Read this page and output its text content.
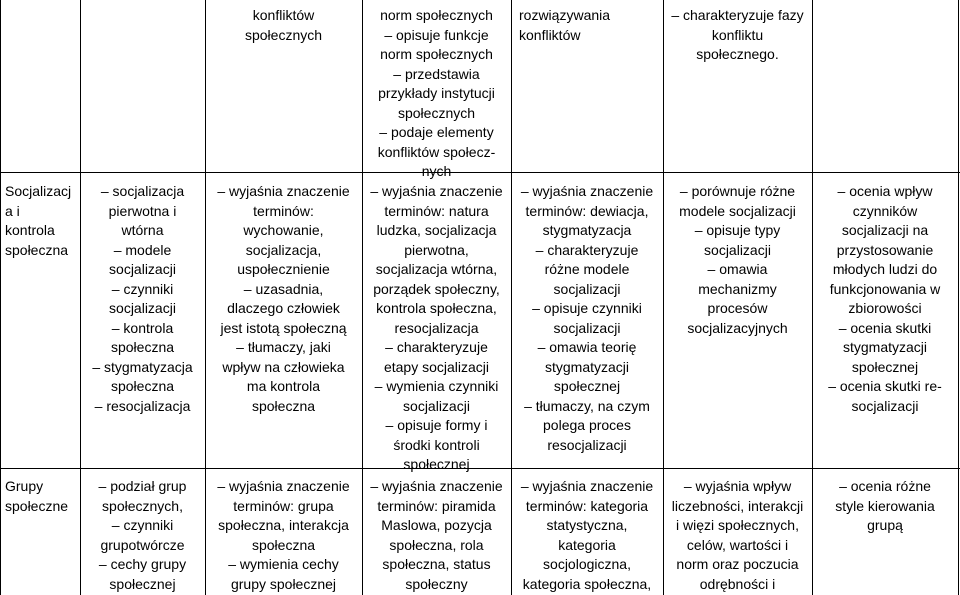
konfliktów
społecznych
norm społecznych
– opisuje funkcje
norm społecznych
– przedstawia
przykłady instytucji
społecznych
– podaje elementy
konfliktów społecz-
nych
rozwiązywania
konfliktów
– charakteryzuje fazy
konfliktu
społecznego.
Socjalizacj
a i
kontrola
społeczna
– socjalizacja
pierwotna i
wtórna
– modele
socjalizacji
– czynniki
socjalizacji
– kontrola
społeczna
– stygmatyzacja
społeczna
– resocjalizacja
– wyjaśnia znaczenie
terminów:
wychowanie,
socjalizacja,
uspołecznienie
– uzasadnia,
dlaczego człowiek
jest istotą społeczną
– tłumaczy, jaki
wpływ na człowieka
ma kontrola
społeczna
– wyjaśnia znaczenie
terminów: natura
ludzka, socjalizacja
pierwotna,
socjalizacja wtórna,
porządek społeczny,
kontrola społeczna,
resocjalizacja
– charakteryzuje
etapy socjalizacji
– wymienia czynniki
socjalizacji
– opisuje formy i
środki kontroli
społecznej
– wyjaśnia znaczenie
terminów: dewiacja,
stygmatyzacja
– charakteryzuje
różne modele
socjalizacji
– opisuje czynniki
socjalizacji
– omawia teorię
stygmatyzacji
społecznej
– tłumaczy, na czym
polega proces
resocjalizacji
– porównuje różne
modele socjalizacji
– opisuje typy
socjalizacji
– omawia
mechanizmy
procesów
socjalizacyjnych
– ocenia wpływ
czynników
socjalizacji na
przystosowanie
młodych ludzi do
funkcjonowania w
zbiorowości
– ocenia skutki
stygmatyzacji
społecznej
– ocenia skutki re-
socjalizacji
Grupy
społeczne
– podział grup
społecznych,
– czynniki
grupotwórcze
– cechy grupy
społecznej
– wyjaśnia znaczenie
terminów: grupa
społeczna, interakcja
społeczna
– wymienia cechy
grupy społecznej
– wyjaśnia znaczenie
terminów: piramida
Maslowa, pozycja
społeczna, rola
społeczna, status
społeczny
– wyjaśnia znaczenie
terminów: kategoria
statystyczna,
kategoria
socjologiczna,
kategoria społeczna,
– wyjaśnia wpływ
liczebności, interakcji
i więzi społecznych,
celów, wartości i
norm oraz poczucia
odrębności i
– ocenia różne
style kierowania
grupą
